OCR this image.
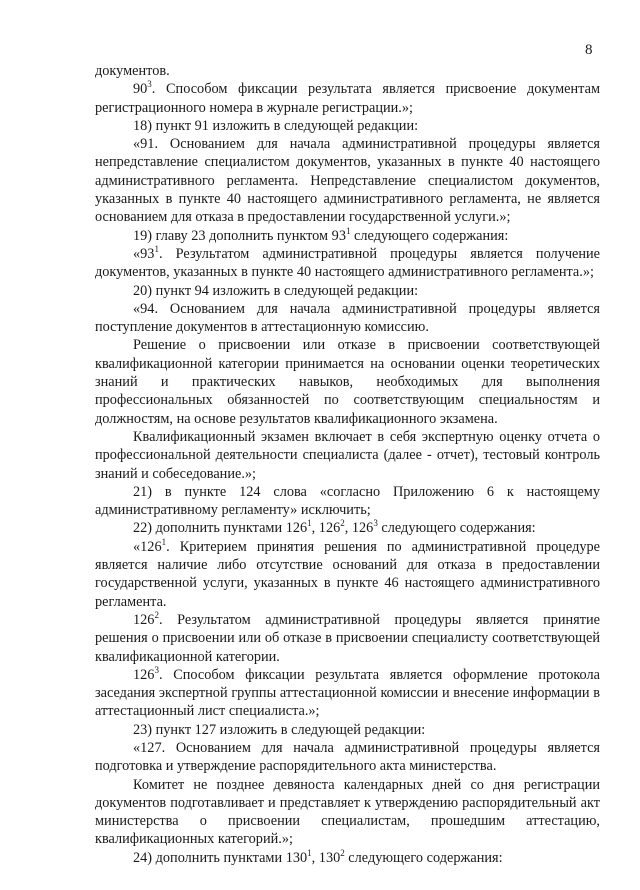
8

документов.

$90^3$. Способом фиксации результата является присвоение документам регистрационного номера в журнале регистрации.»;

18) пункт 91 изложить в следующей редакции:

«91. Основанием для начала административной процедуры является непредставление специалистом документов, указанных в пункте 40 настоящего административного регламента. Непредставление специалистом документов, указанных в пункте 40 настоящего административного регламента, не является основанием для отказа в предоставлении государственной услуги.»;

19) главу 23 дополнить пунктом $93^1$ следующего содержания:

«$93^1$. Результатом административной процедуры является получение документов, указанных в пункте 40 настоящего административного регламента.»;

20) пункт 94 изложить в следующей редакции:

«94. Основанием для начала административной процедуры является поступление документов в аттестационную комиссию.

Решение о присвоении или отказе в присвоении соответствующей квалификационной категории принимается на основании оценки теоретических знаний и практических навыков, необходимых для выполнения профессиональных обязанностей по соответствующим специальностям и должностям, на основе результатов квалификационного экзамена.

Квалификационный экзамен включает в себя экспертную оценку отчета о профессиональной деятельности специалиста (далее - отчет), тестовый контроль знаний и собеседование.»;

21) в пункте 124 слова «согласно Приложению 6 к настоящему административному регламенту» исключить;

22) дополнить пунктами $126^1$, $126^2$, $126^3$ следующего содержания:

«$126^1$. Критерием принятия решения по административной процедуре является наличие либо отсутствие оснований для отказа в предоставлении государственной услуги, указанных в пункте 46 настоящего административного регламента.

$126^2$. Результатом административной процедуры является принятие решения о присвоении или об отказе в присвоении специалисту соответствующей квалификационной категории.

$126^3$. Способом фиксации результата является оформление протокола заседания экспертной группы аттестационной комиссии и внесение информации в аттестационный лист специалиста.»;

23) пункт 127 изложить в следующей редакции:

«127. Основанием для начала административной процедуры является подготовка и утверждение распорядительного акта министерства.

Комитет не позднее девяноста календарных дней со дня регистрации документов подготавливает и представляет к утверждению распорядительный акт министерства о присвоении специалистам, прошедшим аттестацию, квалификационных категорий.»;

24) дополнить пунктами $130^1$, $130^2$ следующего содержания:
